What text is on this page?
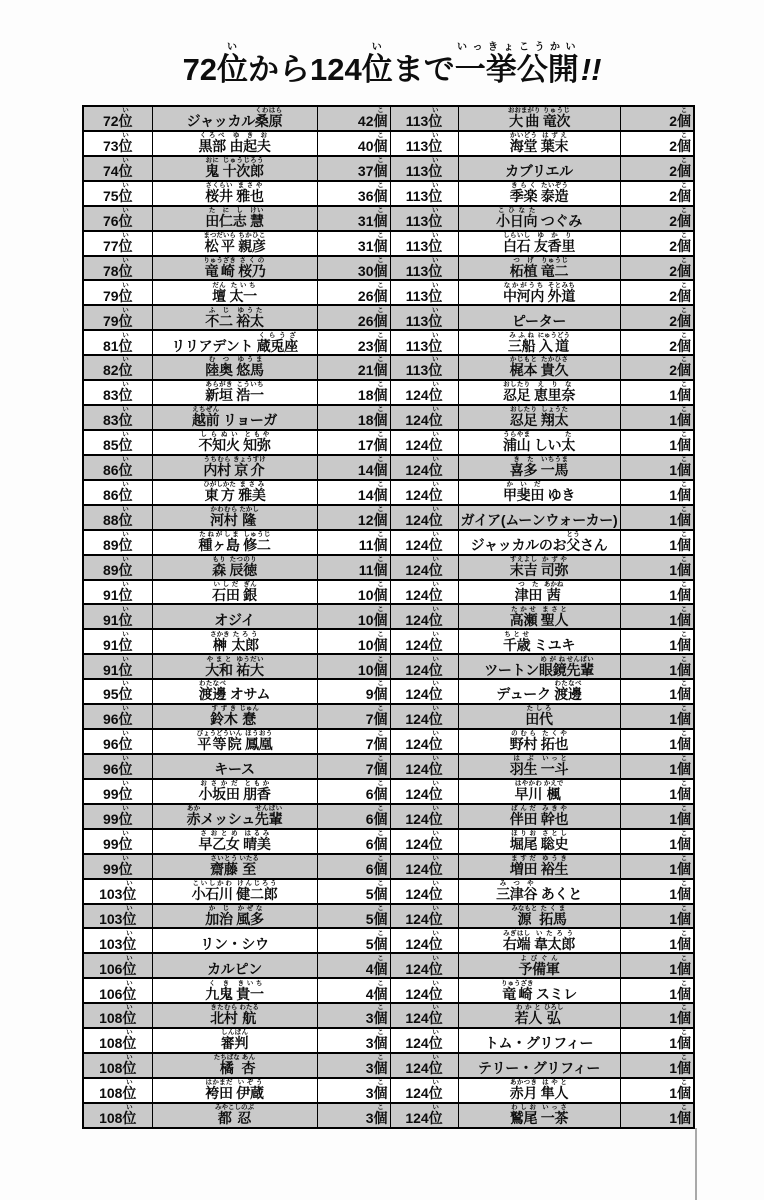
72位いから124位いまで一挙公開いっきょこうかい!!
72位い	ジャッカル桑原くわはら	42個こ	113位い	大曲おおまがり 竜次りゅうじ	2個こ
73位い	黒部くろべ 由起夫ゆきお	40個こ	113位い	海堂かいどう 葉末はずえ	2個こ
74位い	鬼おに 十次郎じゅうじろう	37個こ	113位い	カブリエル	2個こ
75位い	桜井さくらい 雅也まさや	36個こ	113位い	季楽きらく 泰造たいぞう	2個こ
76位い	田仁志たにし 慧けい	31個こ	113位い	小日向こひなた つぐみ	2個こ
77位い	松平まつだいら 親彦ちかひこ	31個こ	113位い	白石しらいし 友香里ゆかり	2個こ
78位い	竜崎りゅうざき 桜乃さくの	30個こ	113位い	柘植つげ 竜二りゅうじ	2個こ
79位い	壇だん 太一たいち	26個こ	113位い	中河内なかがうち 外道そとみち	2個こ
79位い	不二ふじ 裕太ゆうた	26個こ	113位い	ピーター	2個こ
81位い	リリアデント 蔵兎座くらうざ	23個こ	113位い	三船みふね 入道にゅうどう	2個こ
82位い	陸奥むつ 悠馬ゆうま	21個こ	113位い	梶本かじもと 貴久たかひさ	2個こ
83位い	新垣あらがき 浩一こういち	18個こ	124位い	忍足おしたり 恵里奈えりな	1個こ
83位い	越前えちぜん リョーガ	18個こ	124位い	忍足おしたり 翔太しょうた	1個こ
85位い	不知火しらぬい 知弥ともや	17個こ	124位い	浦山うらやま しい太た	1個こ
86位い	内村うちむら 京介きょうすけ	14個こ	124位い	喜多きた 一馬いちうま	1個こ
86位い	東方ひがしかた 雅美まさみ	14個こ	124位い	甲斐田かいだ ゆき	1個こ
88位い	河村かわむら 隆たかし	12個こ	124位い	ガイア(ムーンウォーカー)	1個こ
89位い	種ヶ島たねがしま 修二しゅうじ	11個こ	124位い	ジャッカルのお父とうさん	1個こ
89位い	森もり 辰徳たつのり	11個こ	124位い	末吉すえよし 司弥かずや	1個こ
91位い	石田いしだ 銀ぎん	10個こ	124位い	津田つた 茜あかね	1個こ
91位い	オジイ	10個こ	124位い	高瀬たかせ 聖人まさと	1個こ
91位い	榊さかき 太郎たろう	10個こ	124位い	千歳ちとせ ミユキ	1個こ
91位い	大和やまと 祐大ゆうだい	10個こ	124位い	ツートン眼鏡めがね先輩せんぱい	1個こ
95位い	渡邊わたなべ オサム	9個こ	124位い	デューク 渡邊わたなべ	1個こ
96位い	鈴木すずき 惷じゅん	7個こ	124位い	田代たしろ	1個こ
96位い	平等院びょうどういん 鳳凰ほうおう	7個こ	124位い	野村のむら 拓也たくや	1個こ
96位い	キース	7個こ	124位い	羽生はぶ 一斗いっと	1個こ
99位い	小坂田おさかだ 朋香ともか	6個こ	124位い	早川はやかわ 楓かえで	1個こ
99位い	赤あかメッシュ先輩せんぱい	6個こ	124位い	伴田ばんだ 幹也みきや	1個こ
99位い	早乙女さおとめ 晴美はるみ	6個こ	124位い	堀尾ほりお 聡史さとし	1個こ
99位い	齋藤さいとう 至いたる	6個こ	124位い	増田ますだ 裕生ゆうき	1個こ
103位い	小石川こいしかわ 健二郎けんじろう	5個こ	124位い	三津谷みつや あくと	1個こ
103位い	加治かじ 風多かぜな	5個こ	124位い	源みなもと 拓馬たくま	1個こ
103位い	リン・シウ	5個こ	124位い	右端みぎはし 韋太郎いたろう	1個こ
106位い	カルピン	4個こ	124位い	予備軍よびぐん	1個こ
106位い	九鬼くき 貴一きいち	4個こ	124位い	竜崎りゅうざき スミレ	1個こ
108位い	北村きたむら 航わたる	3個こ	124位い	若人わかと 弘ひろし	1個こ
108位い	審判しんぱん	3個こ	124位い	トム・グリフィー	1個こ
108位い	橘たちばな 杏あん	3個こ	124位い	テリー・グリフィー	1個こ
108位い	袴田はかまだ 伊蔵いぞう	3個こ	124位い	赤月あかつき 隼人はやと	1個こ
108位い	都みやこ 忍しのぶ	3個こ	124位い	鷲尾わしお 一茶いっさ	1個こ
